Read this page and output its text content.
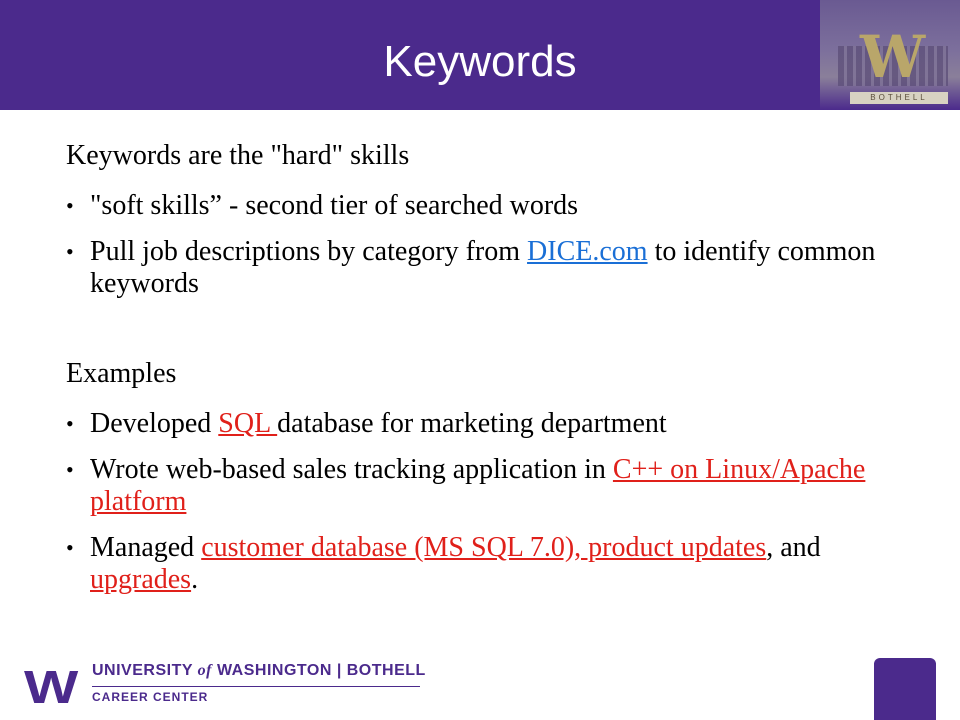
W
BOTHELL
Keywords

Keywords are the "hard" skills

• "soft skills” - second tier of searched words
• Pull job descriptions by category from DICE.com to identify common keywords

Examples

• Developed SQL database for marketing department
• Wrote web-based sales tracking application in C++ on Linux/Apache platform
• Managed customer database (MS SQL 7.0), product updates, and upgrades.
W UNIVERSITY of WASHINGTON | BOTHELL
CAREER CENTER
